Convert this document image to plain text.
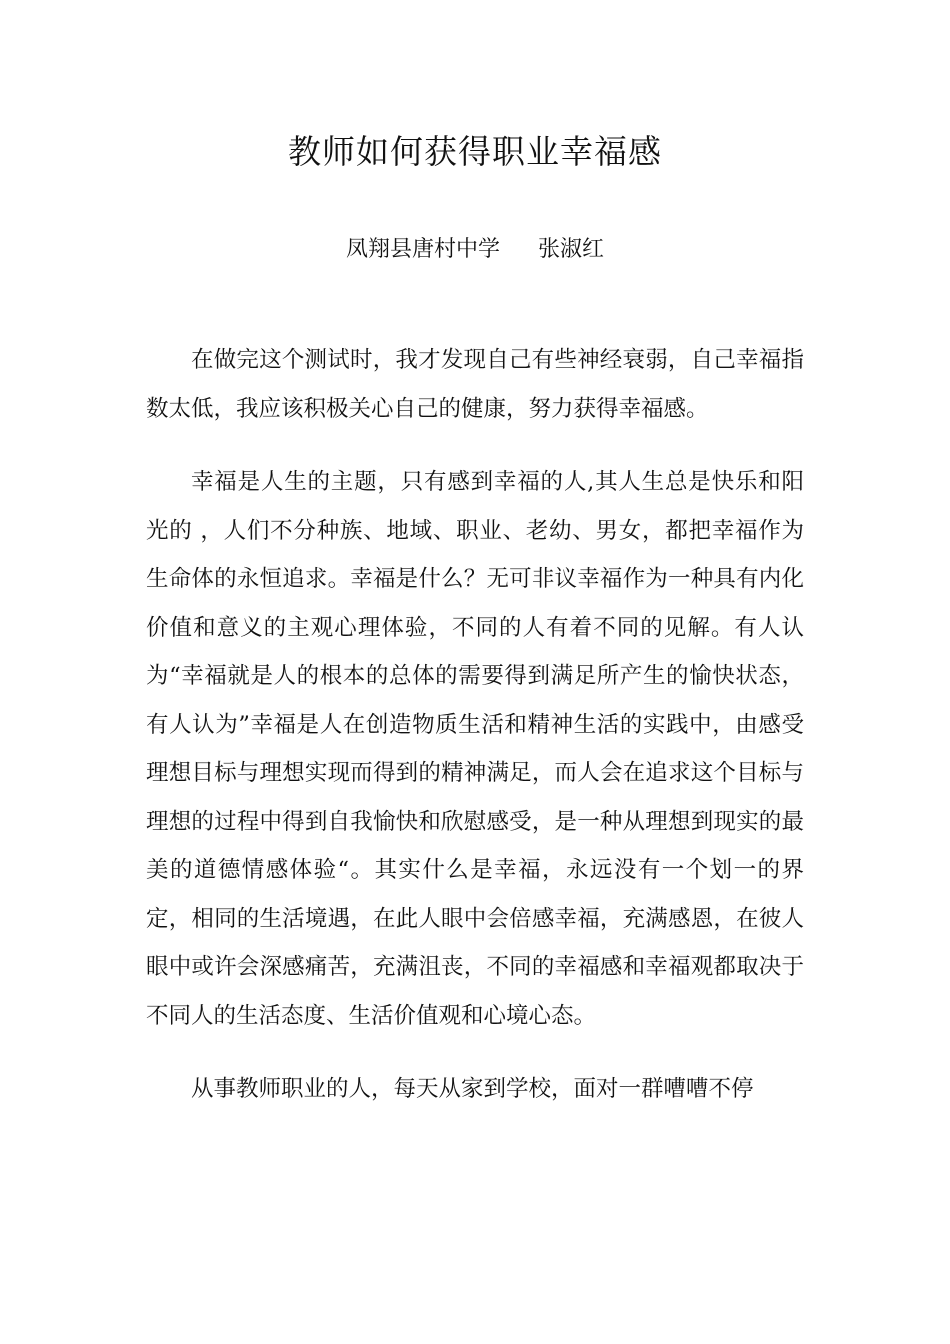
教师如何获得职业幸福感
凤翔县唐村中学 张淑红

在做完这个测试时，我才发现自己有些神经衰弱，自己幸福指数太低，我应该积极关心自己的健康，努力获得幸福感。

幸福是人生的主题，只有感到幸福的人,其人生总是快乐和阳光的 ，人们不分种族、地域、职业、老幼、男女，都把幸福作为生命体的永恒追求。幸福是什么？无可非议幸福作为一种具有内化价值和意义的主观心理体验，不同的人有着不同的见解。有人认为“幸福就是人的根本的总体的需要得到满足所产生的愉快状态，有人认为”幸福是人在创造物质生活和精神生活的实践中，由感受理想目标与理想实现而得到的精神满足，而人会在追求这个目标与理想的过程中得到自我愉快和欣慰感受，是一种从理想到现实的最美的道德情感体验“。其实什么是幸福，永远没有一个划一的界定，相同的生活境遇，在此人眼中会倍感幸福，充满感恩，在彼人眼中或许会深感痛苦，充满沮丧，不同的幸福感和幸福观都取决于不同人的生活态度、生活价值观和心境心态。

从事教师职业的人，每天从家到学校，面对一群嘈嘈不停
